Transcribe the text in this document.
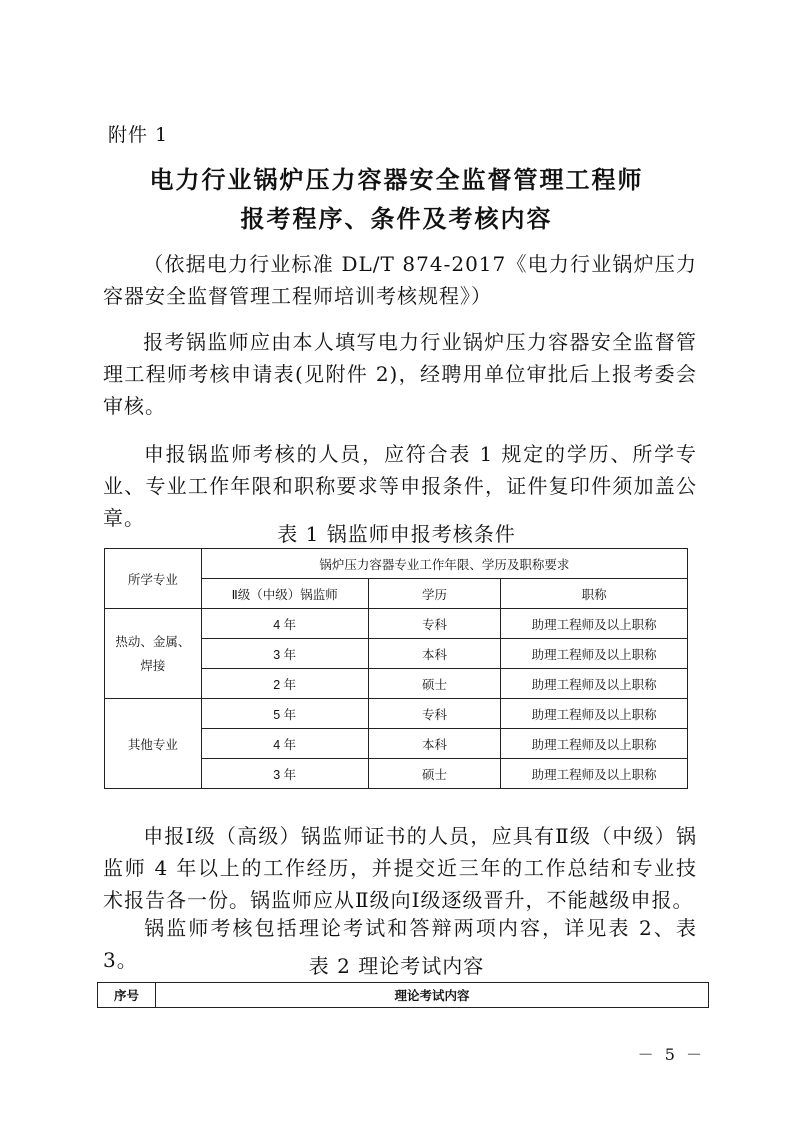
附件 1
电力行业锅炉压力容器安全监督管理工程师
报考程序、条件及考核内容
（依据电力行业标准 DL/T 874-2017《电力行业锅炉压力容器安全监督管理工程师培训考核规程》）
报考锅监师应由本人填写电力行业锅炉压力容器安全监督管理工程师考核申请表(见附件 2)，经聘用单位审批后上报考委会审核。
申报锅监师考核的人员，应符合表 1 规定的学历、所学专业、专业工作年限和职称要求等申报条件，证件复印件须加盖公章。
表 1 锅监师申报考核条件
所学专业	锅炉压力容器专业工作年限、学历及职称要求		
	Ⅱ级（中级）锅监师	学历	职称
热动、金属、焊接	4 年	专科	助理工程师及以上职称
	3 年	本科	助理工程师及以上职称
	2 年	硕士	助理工程师及以上职称
其他专业	5 年	专科	助理工程师及以上职称
	4 年	本科	助理工程师及以上职称
	3 年	硕士	助理工程师及以上职称
申报Ⅰ级（高级）锅监师证书的人员，应具有Ⅱ级（中级）锅监师 4 年以上的工作经历，并提交近三年的工作总结和专业技术报告各一份。锅监师应从Ⅱ级向Ⅰ级逐级晋升，不能越级申报。
锅监师考核包括理论考试和答辩两项内容，详见表 2、表 3。	表 2 理论考试内容
序号	理论考试内容
－ 5 －
